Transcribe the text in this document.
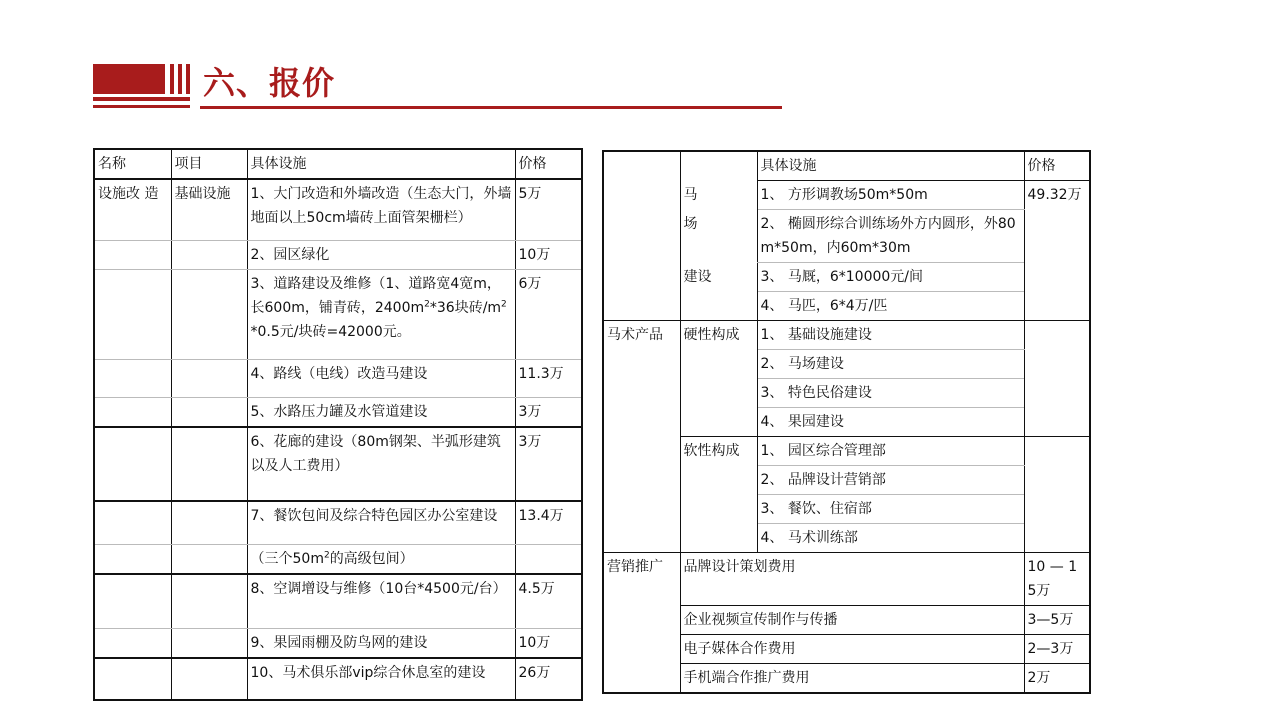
六、报价
名称	项目	具体设施	价格
设施改 造	基础设施	1、大门改造和外墙改造（生态大门，外墙地面以上50cm墙砖上面管架栅栏）	5万
		2、园区绿化	10万
		3、道路建设及维修（1、道路宽4宽m，长600m，铺青砖，$2400m^2*36$块砖$/m^2*0.5$元/块砖=42000元。	6万
		4、路线（电线）改造马建设	11.3万
		5、水路压力罐及水管道建设	3万
		6、花廊的建设（80m钢架、半弧形建筑以及人工费用）	3万
		7、餐饮包间及综合特色园区办公室建设	13.4万
		（三个$50m^2$的高级包间）	
		8、空调增设与维修（10台*4500元/台）	4.5万
		9、果园雨棚及防鸟网的建设	10万
		10、马术俱乐部vip综合休息室的建设	26万
		具体设施	价格
	马	1、 方形调教场50m*50m	49.32万
	场	2、 椭圆形综合训练场外方内圆形，外80m*50m，内60m*30m	

	建设	3、 马厩，6*10000元/间	
		4、 马匹，6*4万/匹	
马术产品	硬性构成	1、 基础设施建设	
		2、 马场建设	
		3、 特色民俗建设	
		4、 果园建设	
	软性构成	1、 园区综合管理部	
		2、 品牌设计营销部	
		3、 餐饮、住宿部	
		4、 马术训练部	
营销推广	品牌设计策划费用		10 — 15万
	企业视频宣传制作与传播		3—5万
	电子媒体合作费用		2—3万
	手机端合作推广费用		2万
